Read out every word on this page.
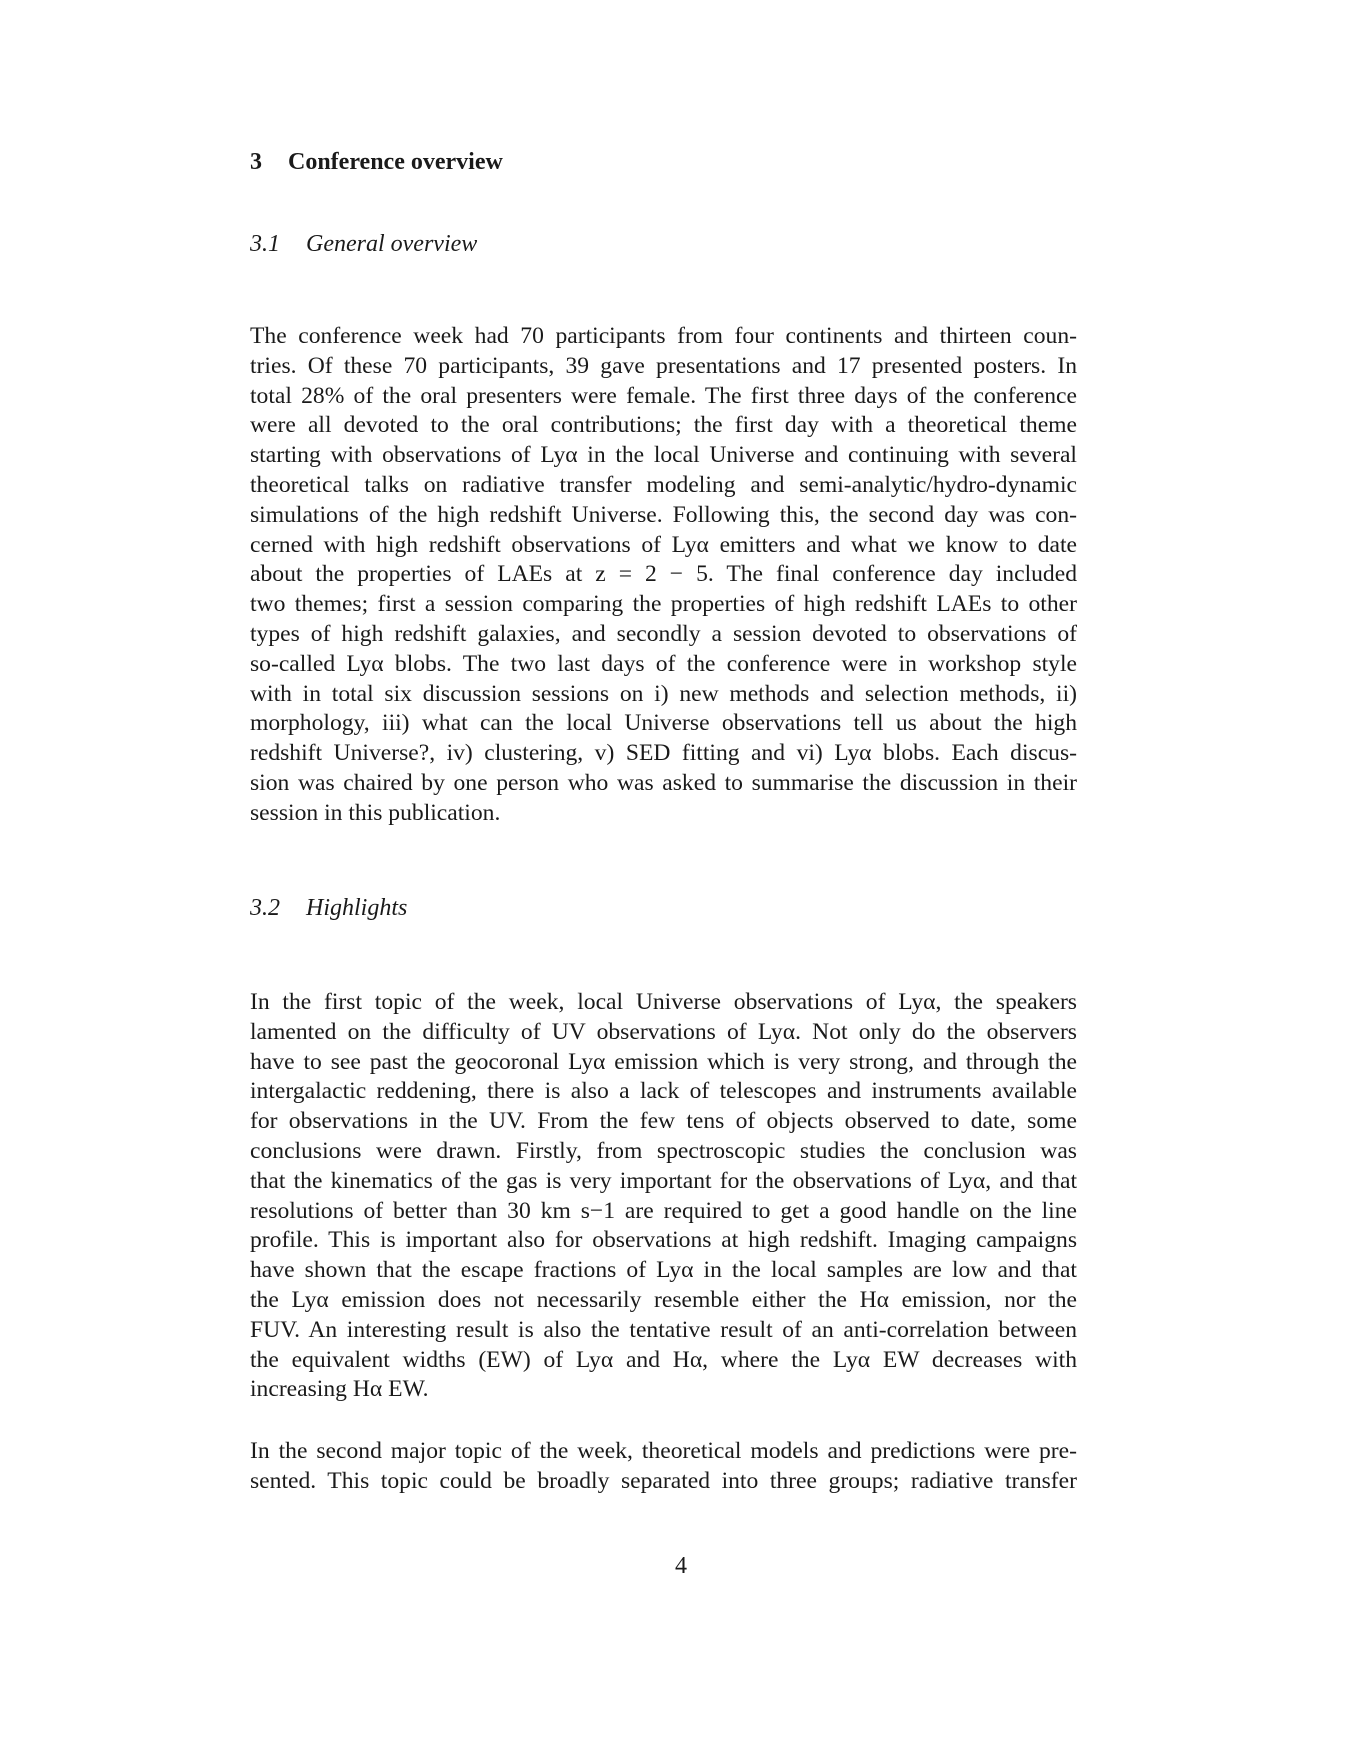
3 Conference overview
3.1 General overview
The conference week had 70 participants from four continents and thirteen coun-
tries. Of these 70 participants, 39 gave presentations and 17 presented posters. In
total 28% of the oral presenters were female. The first three days of the conference
were all devoted to the oral contributions; the first day with a theoretical theme
starting with observations of Lyα in the local Universe and continuing with several
theoretical talks on radiative transfer modeling and semi-analytic/hydro-dynamic
simulations of the high redshift Universe. Following this, the second day was con-
cerned with high redshift observations of Lyα emitters and what we know to date
about the properties of LAEs at z = 2 − 5. The final conference day included
two themes; first a session comparing the properties of high redshift LAEs to other
types of high redshift galaxies, and secondly a session devoted to observations of
so-called Lyα blobs. The two last days of the conference were in workshop style
with in total six discussion sessions on i) new methods and selection methods, ii)
morphology, iii) what can the local Universe observations tell us about the high
redshift Universe?, iv) clustering, v) SED fitting and vi) Lyα blobs. Each discus-
sion was chaired by one person who was asked to summarise the discussion in their
session in this publication.
3.2 Highlights
In the first topic of the week, local Universe observations of Lyα, the speakers
lamented on the difficulty of UV observations of Lyα. Not only do the observers
have to see past the geocoronal Lyα emission which is very strong, and through the
intergalactic reddening, there is also a lack of telescopes and instruments available
for observations in the UV. From the few tens of objects observed to date, some
conclusions were drawn. Firstly, from spectroscopic studies the conclusion was
that the kinematics of the gas is very important for the observations of Lyα, and that
resolutions of better than 30 km s−1 are required to get a good handle on the line
profile. This is important also for observations at high redshift. Imaging campaigns
have shown that the escape fractions of Lyα in the local samples are low and that
the Lyα emission does not necessarily resemble either the Hα emission, nor the
FUV. An interesting result is also the tentative result of an anti-correlation between
the equivalent widths (EW) of Lyα and Hα, where the Lyα EW decreases with
increasing Hα EW.
In the second major topic of the week, theoretical models and predictions were pre-
sented. This topic could be broadly separated into three groups; radiative transfer
4
